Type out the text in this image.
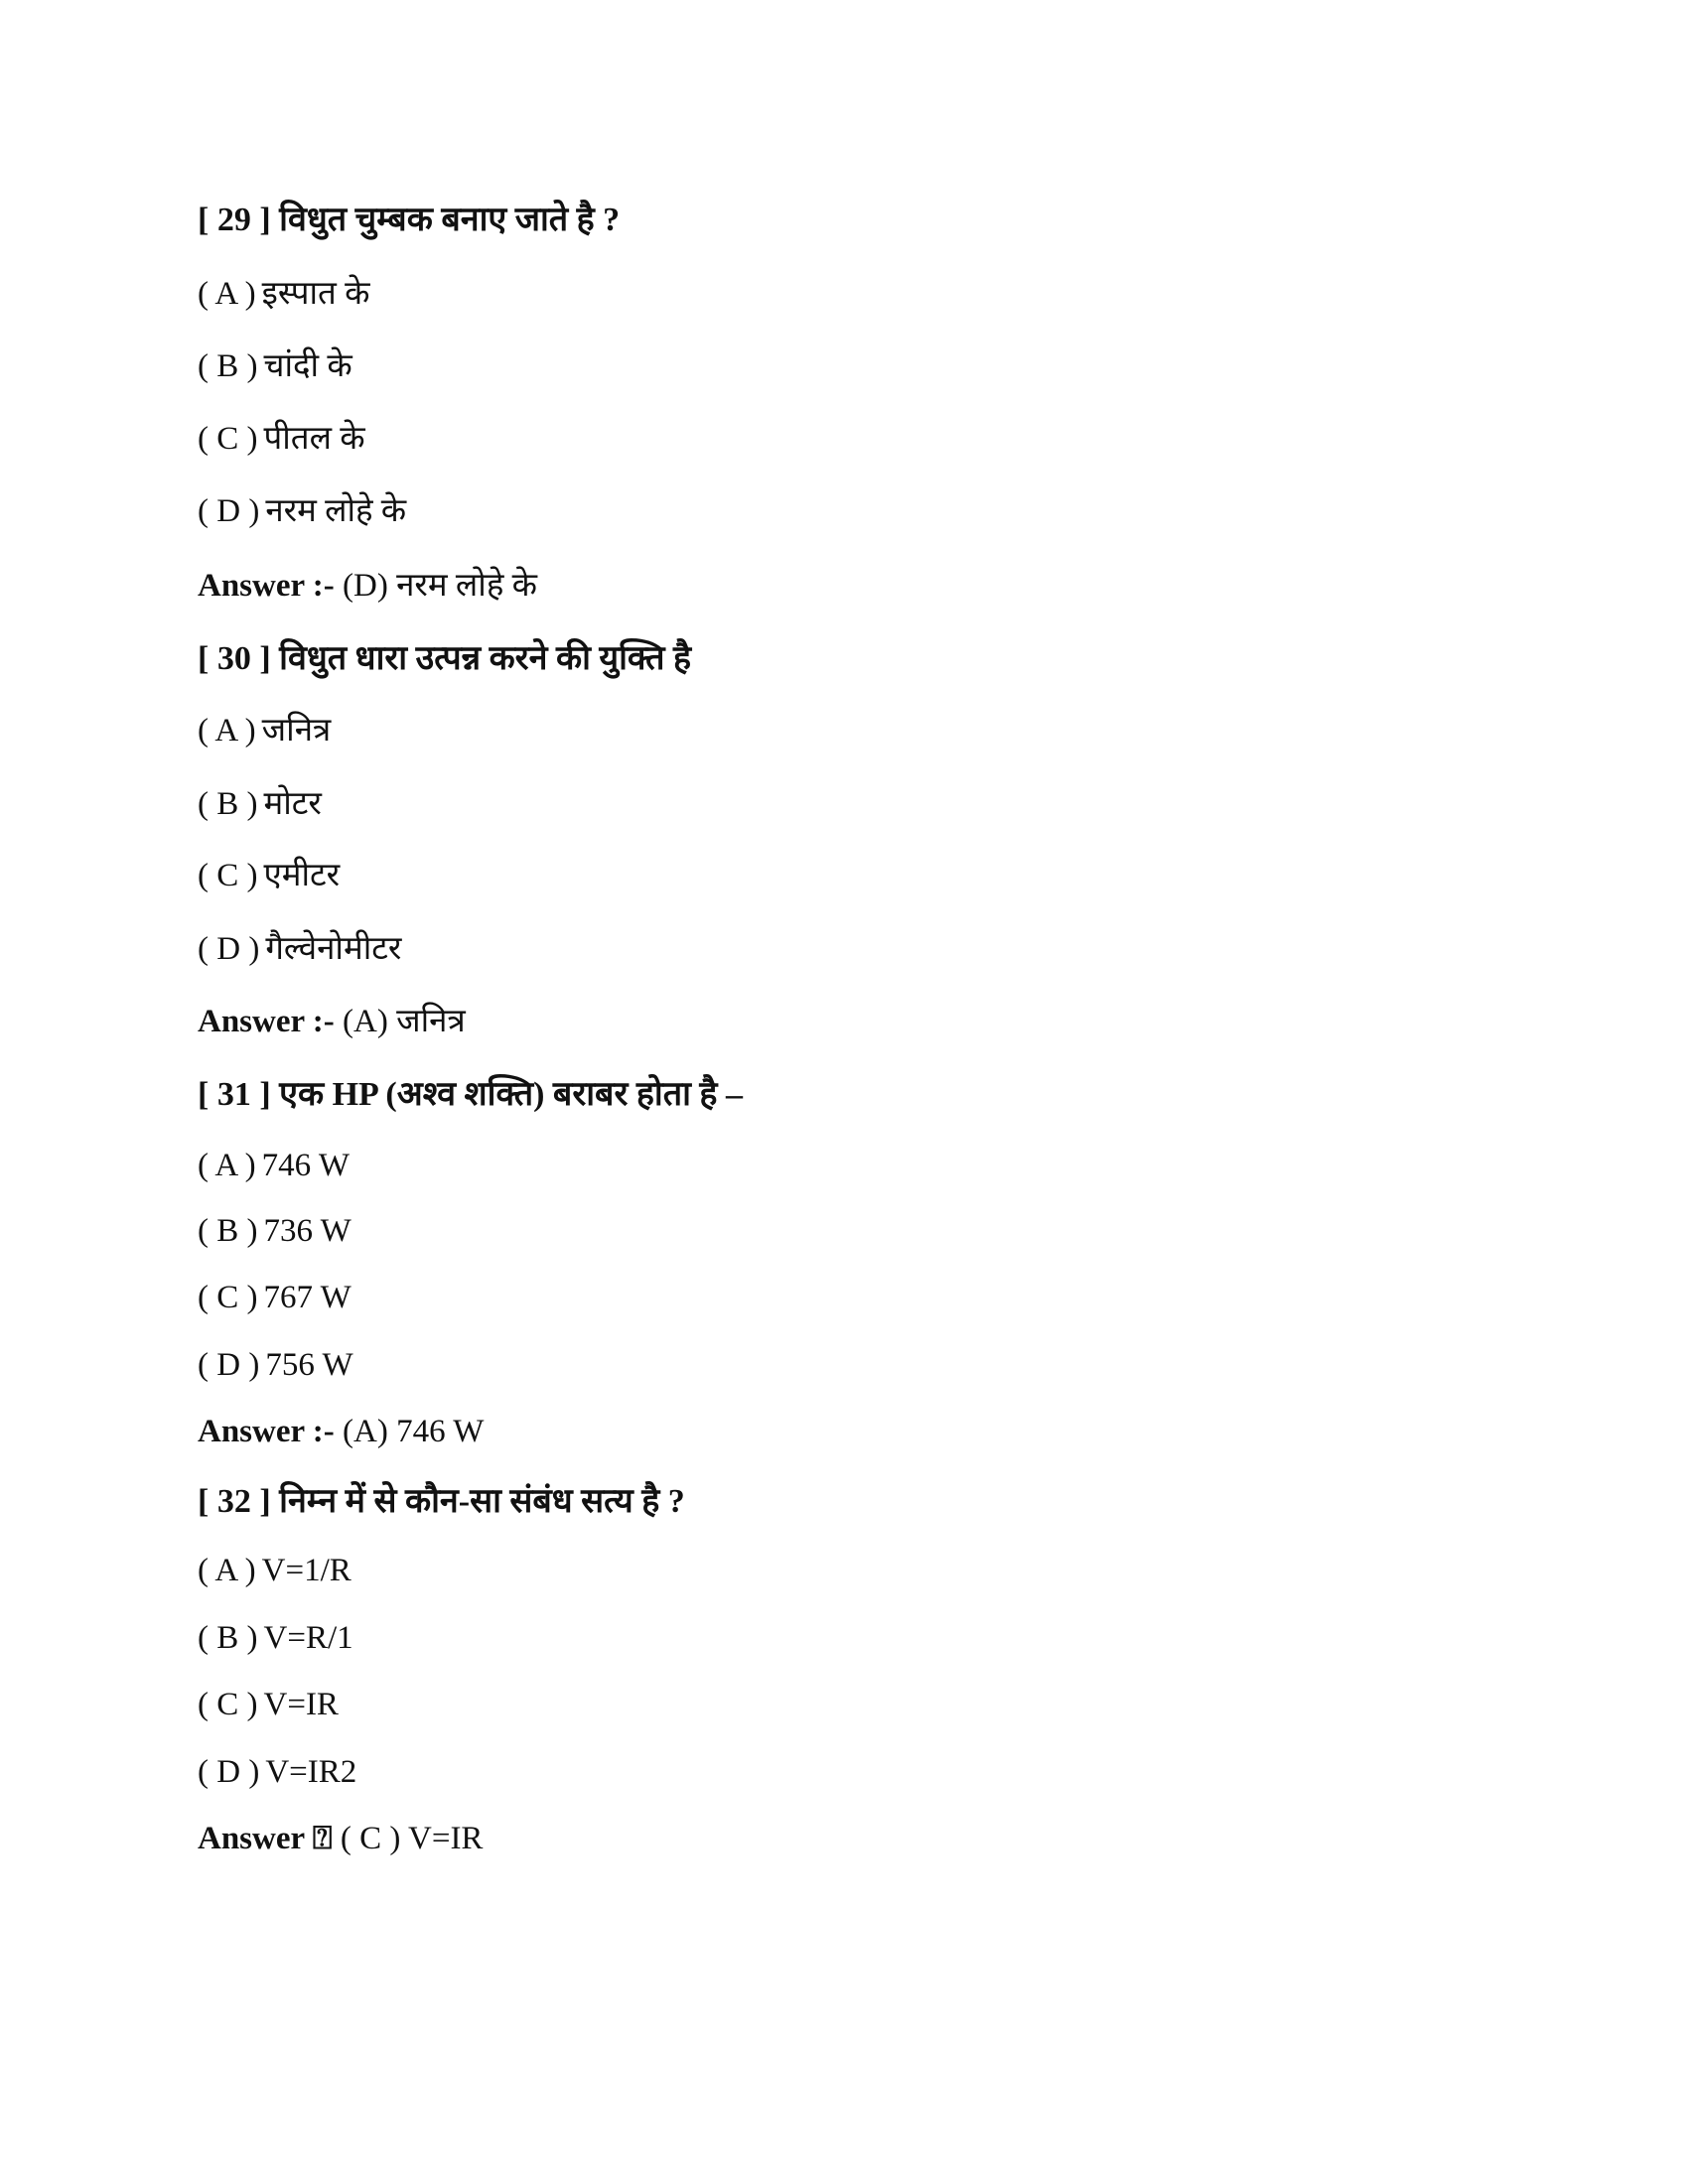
[ 29 ] विधुत चुम्बक बनाए जाते है ?
( A ) इस्पात के
( B ) चांदी के
( C ) पीतल के
( D ) नरम लोहे के
Answer :- (D) नरम लोहे के
[ 30 ] विधुत धारा उत्पन्न करने की युक्ति है
( A ) जनित्र
( B ) मोटर
( C ) एमीटर
( D ) गैल्वेनोमीटर
Answer :- (A) जनित्र
[ 31 ] एक HP (अश्व शक्ति) बराबर होता है –
( A ) 746 W
( B ) 736 W
( C ) 767 W
( D ) 756 W
Answer :- (A) 746 W
[ 32 ] निम्न में से कौन-सा संबंध सत्य है ?
( A ) V=1/R
( B ) V=R/1
( C ) V=IR
( D ) V=IR2
Answer ⍰ ( C ) V=IR
